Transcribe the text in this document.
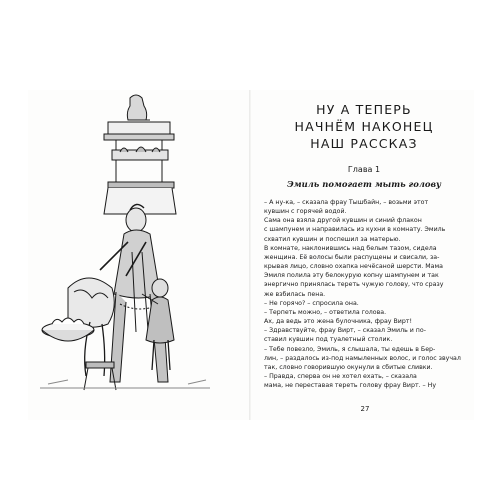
НУ А ТЕПЕРЬ
НАЧНЁМ НАКОНЕЦ
НАШ РАССКАЗ
Глава 1
Эмиль помогает мыть голову
– А ну-ка, – сказала фрау Тышбайн, – возьми этот
кувшин с горячей водой.
Сама она взяла другой кувшин и синий флакон
с шампунем и направилась из кухни в комнату. Эмиль
схватил кувшин и поспешил за матерью.
В комнате, наклонившись над белым тазом, сидела
женщина. Её волосы были распущены и свисали, за-
крывая лицо, словно охапка нечёсаной шерсти. Мама
Эмиля полила эту белокурую копну шампунем и так
энергично принялась тереть чужую голову, что сразу
же взбилась пена.
– Не горячо? – спросила она.
– Терпеть можно, – ответила голова.
Ах, да ведь это жена булочника, фрау Вирт!
– Здравствуйте, фрау Вирт, – сказал Эмиль и по-
ставил кувшин под туалетный столик.
– Тебе повезло, Эмиль, я слышала, ты едешь в Бер-
лин, – раздалось из-под намыленных волос, и голос звучал
так, словно говорившую окунули в сбитые сливки.
– Правда, сперва он не хотел ехать, – сказала
мама, не переставая тереть голову фрау Вирт. – Ну
27
